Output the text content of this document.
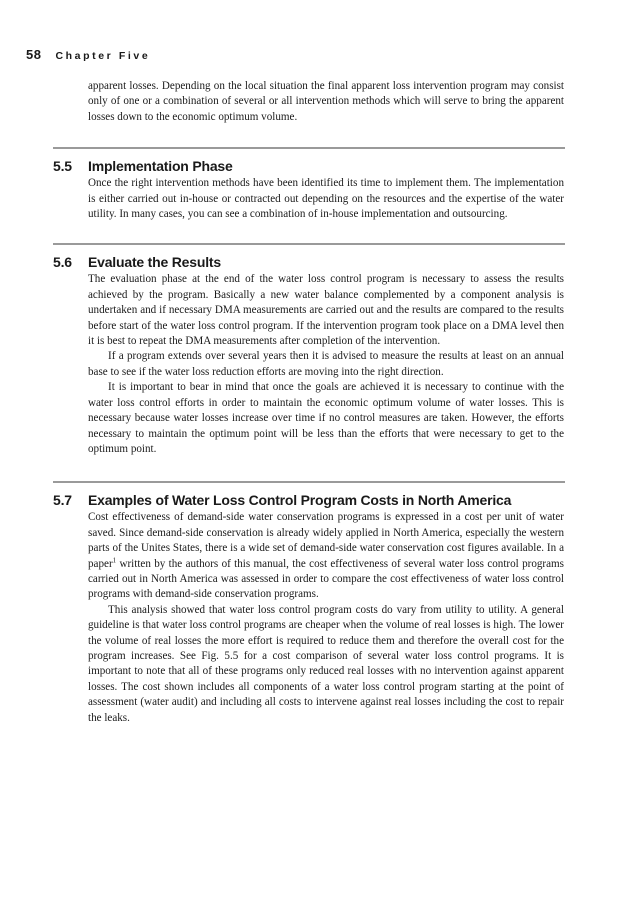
58 Chapter Five

apparent losses. Depending on the local situation the final apparent loss intervention program may consist only of one or a combination of several or all intervention methods which will serve to bring the apparent losses down to the economic optimum volume.

5.5	Implementation Phase

Once the right intervention methods have been identified its time to implement them. The implementation is either carried out in-house or contracted out depending on the resources and the expertise of the water utility. In many cases, you can see a combination of in-house implementation and outsourcing.

5.6	Evaluate the Results

The evaluation phase at the end of the water loss control program is necessary to assess the results achieved by the program. Basically a new water balance complemented by a component analysis is undertaken and if necessary DMA measurements are carried out and the results are compared to the results before start of the water loss control program. If the intervention program took place on a DMA level then it is best to repeat the DMA measurements after completion of the intervention.

If a program extends over several years then it is advised to measure the results at least on an annual base to see if the water loss reduction efforts are moving into the right direction.

It is important to bear in mind that once the goals are achieved it is necessary to continue with the water loss control efforts in order to maintain the economic optimum volume of water losses. This is necessary because water losses increase over time if no control measures are taken. However, the efforts necessary to maintain the optimum point will be less than the efforts that were necessary to get to the optimum point.

5.7	Examples of Water Loss Control Program Costs in North America

Cost effectiveness of demand-side water conservation programs is expressed in a cost per unit of water saved. Since demand-side conservation is already widely applied in North America, especially the western parts of the Unites States, there is a wide set of demand-side water conservation cost figures available. In a paper$^1$ written by the authors of this manual, the cost effectiveness of several water loss control programs carried out in North America was assessed in order to compare the cost effectiveness of water loss control programs with demand-side conservation programs.

This analysis showed that water loss control program costs do vary from utility to utility. A general guideline is that water loss control programs are cheaper when the volume of real losses is high. The lower the volume of real losses the more effort is required to reduce them and therefore the overall cost for the program increases. See Fig. 5.5 for a cost comparison of several water loss control programs. It is important to note that all of these programs only reduced real losses with no intervention against apparent losses. The cost shown includes all components of a water loss control program starting at the point of assessment (water audit) and including all costs to intervene against real losses including the cost to repair the leaks.
